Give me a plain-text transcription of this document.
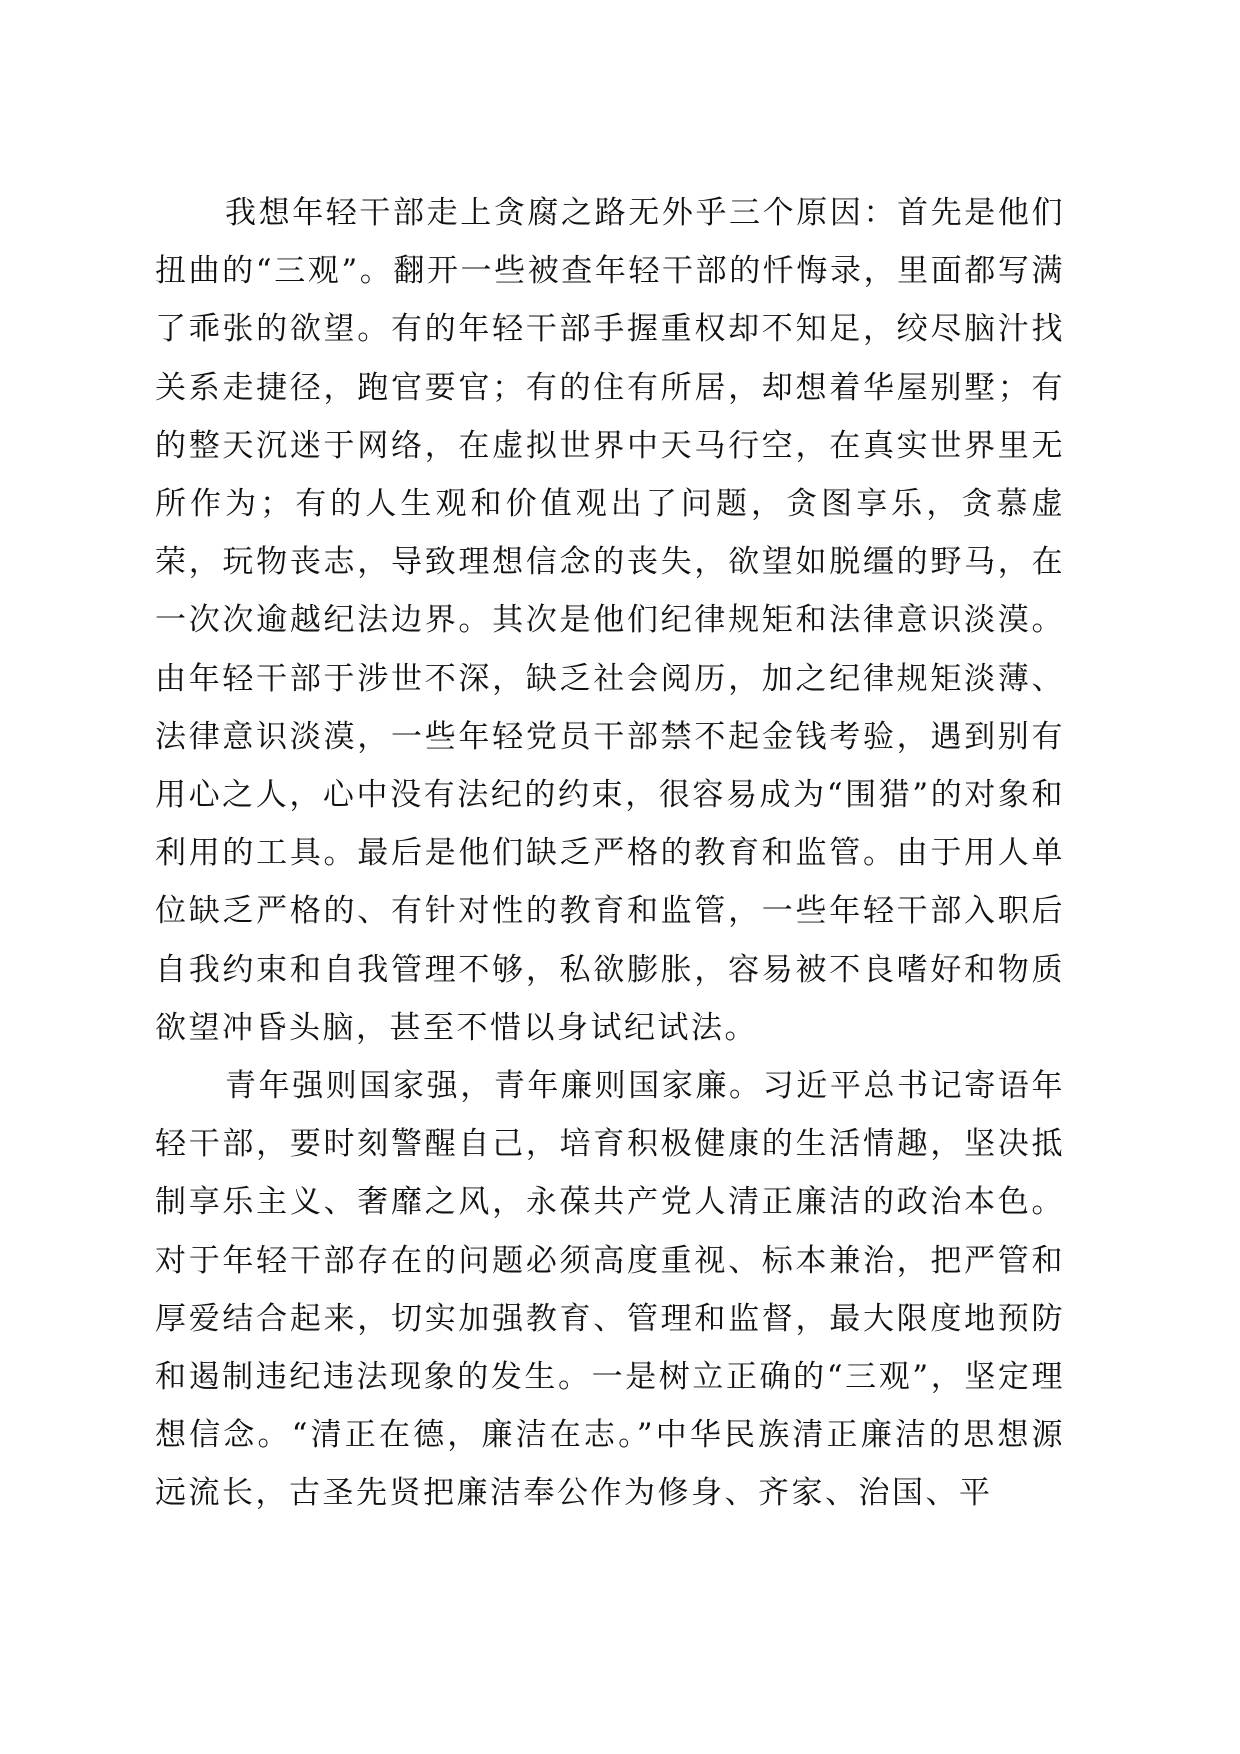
我想年轻干部走上贪腐之路无外乎三个原因：首先是他们扭曲的“三观”。翻开一些被查年轻干部的忏悔录，里面都写满了乖张的欲望。有的年轻干部手握重权却不知足，绞尽脑汁找关系走捷径，跑官要官；有的住有所居，却想着华屋别墅；有的整天沉迷于网络，在虚拟世界中天马行空，在真实世界里无所作为；有的人生观和价值观出了问题，贪图享乐，贪慕虚荣，玩物丧志，导致理想信念的丧失，欲望如脱缰的野马，在一次次逾越纪法边界。其次是他们纪律规矩和法律意识淡漠。由年轻干部于涉世不深，缺乏社会阅历，加之纪律规矩淡薄、法律意识淡漠，一些年轻党员干部禁不起金钱考验，遇到别有用心之人，心中没有法纪的约束，很容易成为“围猎”的对象和利用的工具。最后是他们缺乏严格的教育和监管。由于用人单位缺乏严格的、有针对性的教育和监管，一些年轻干部入职后自我约束和自我管理不够，私欲膨胀，容易被不良嗜好和物质欲望冲昏头脑，甚至不惜以身试纪试法。

青年强则国家强，青年廉则国家廉。习近平总书记寄语年轻干部，要时刻警醒自己，培育积极健康的生活情趣，坚决抵制享乐主义、奢靡之风，永葆共产党人清正廉洁的政治本色。对于年轻干部存在的问题必须高度重视、标本兼治，把严管和厚爱结合起来，切实加强教育、管理和监督，最大限度地预防和遏制违纪违法现象的发生。一是树立正确的“三观”，坚定理想信念。“清正在德，廉洁在志。”中华民族清正廉洁的思想源远流长，古圣先贤把廉洁奉公作为修身、齐家、治国、平
